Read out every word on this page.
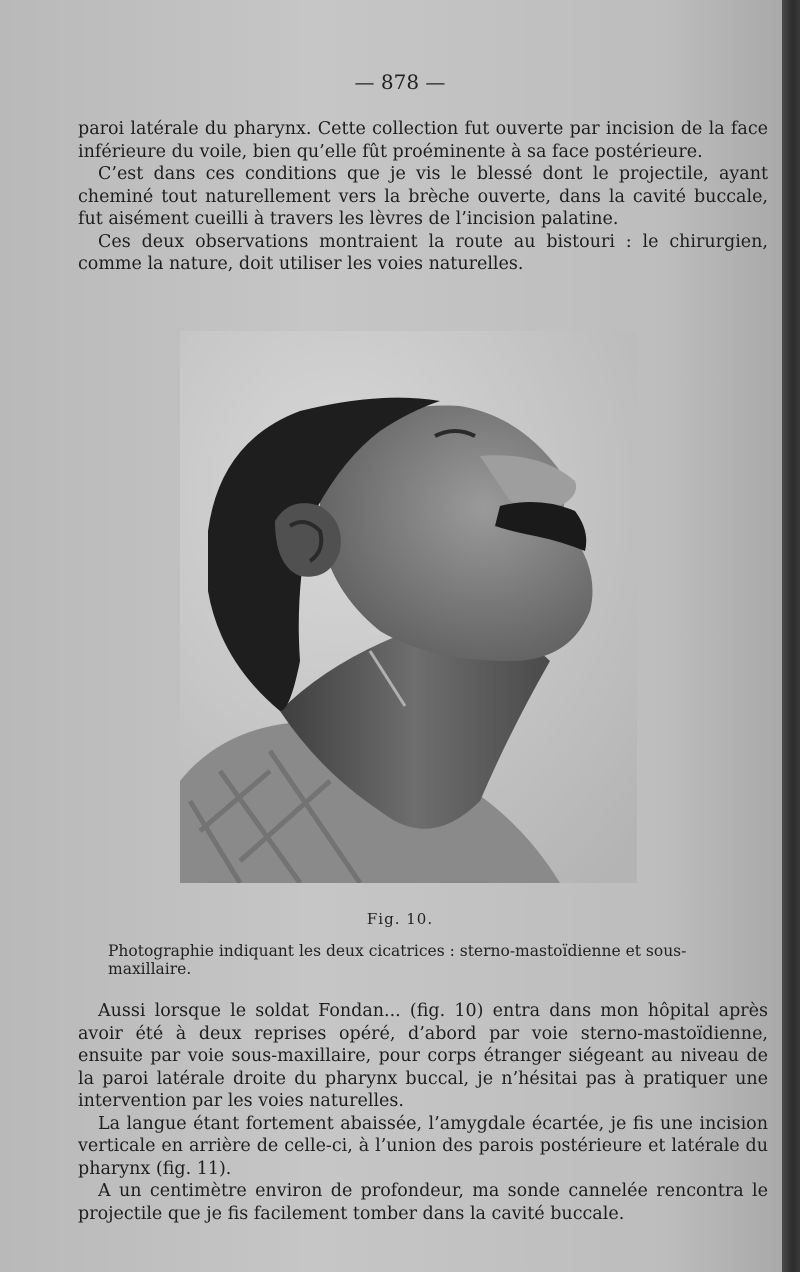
— 878 —

paroi latérale du pharynx. Cette collection fut ouverte par incision de la face inférieure du voile, bien qu’elle fût proéminente à sa face postérieure.

C’est dans ces conditions que je vis le blessé dont le projectile, ayant cheminé tout naturellement vers la brèche ouverte, dans la cavité buccale, fut aisément cueilli à travers les lèvres de l’incision palatine.

Ces deux observations montraient la route au bistouri : le chirurgien, comme la nature, doit utiliser les voies naturelles.

Fig. 10.
Photographie indiquant les deux cicatrices : sterno-mastoïdienne et sous-maxillaire.

Aussi lorsque le soldat Fondan... (fig. 10) entra dans mon hôpital après avoir été à deux reprises opéré, d’abord par voie sterno-mastoïdienne, ensuite par voie sous-maxillaire, pour corps étranger siégeant au niveau de la paroi latérale droite du pharynx buccal, je n’hésitai pas à pratiquer une intervention par les voies naturelles.

La langue étant fortement abaissée, l’amygdale écartée, je fis une incision verticale en arrière de celle-ci, à l’union des parois postérieure et latérale du pharynx (fig. 11).

A un centimètre environ de profondeur, ma sonde cannelée rencontra le projectile que je fis facilement tomber dans la cavité buccale.
